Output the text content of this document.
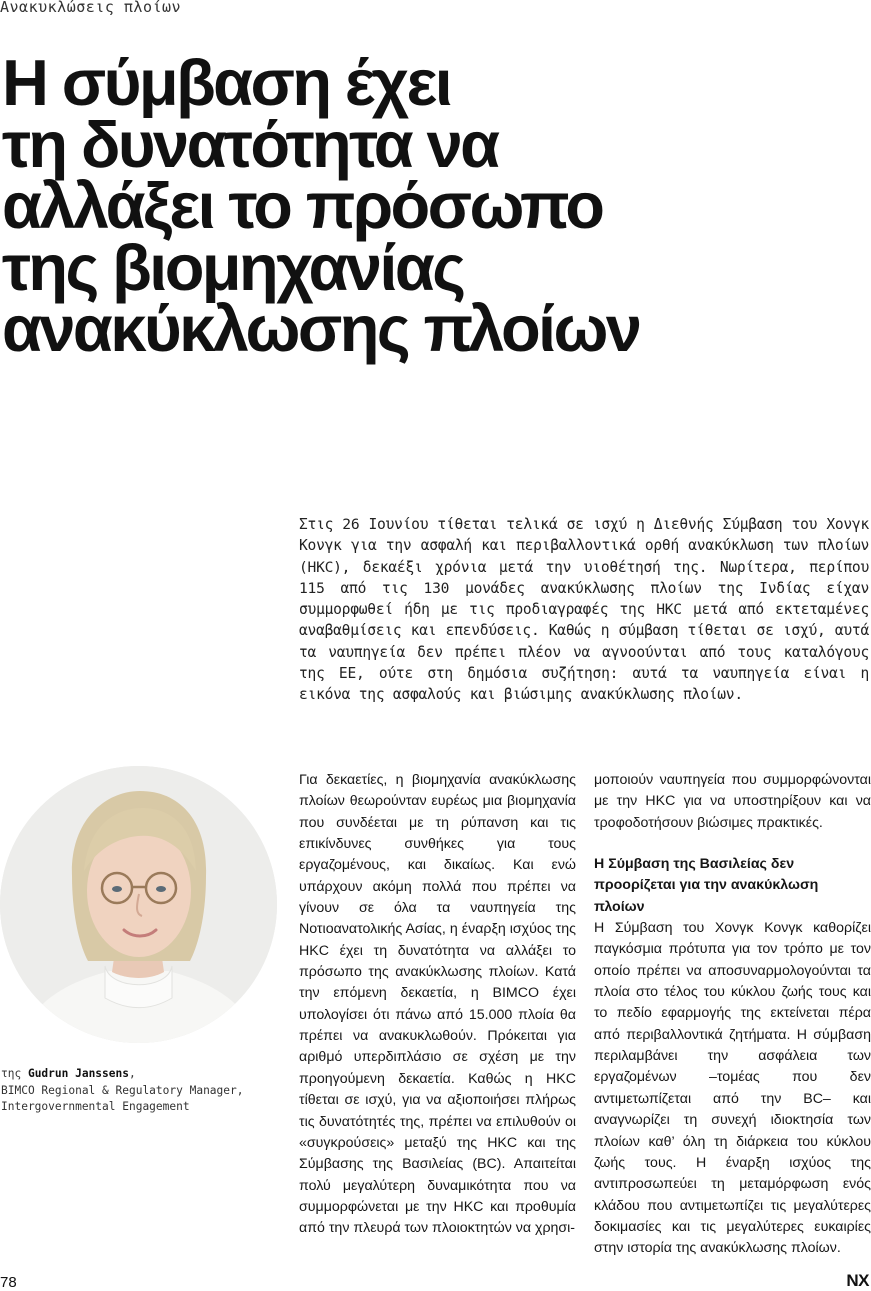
Ανακυκλώσεις πλοίων
Η σύμβαση έχει
τη δυνατότητα να
αλλάξει το πρόσωπο
της βιομηχανίας
ανακύκλωσης πλοίων

Στις 26 Ιουνίου τίθεται τελικά σε ισχύ η Διεθνής Σύμβαση του Χονγκ Κονγκ για την ασφαλή και περιβαλλοντικά ορθή ανακύκλωση των πλοίων (HKC), δεκαέξι χρόνια μετά την υιοθέτησή της. Νωρίτερα, περίπου 115 από τις 130 μονάδες ανακύκλωσης πλοίων της Ινδίας είχαν συμμορφωθεί ήδη με τις προδιαγραφές της HKC μετά από εκτεταμένες αναβαθμίσεις και επενδύσεις. Καθώς η σύμβαση τίθεται σε ισχύ, αυτά τα ναυπηγεία δεν πρέπει πλέον να αγνοούνται από τους καταλόγους της ΕΕ, ούτε στη δημόσια συζήτηση: αυτά τα ναυπηγεία είναι η εικόνα της ασφαλούς και βιώσιμης ανακύκλωσης πλοίων.

της Gudrun Janssens,
BIMCO Regional & Regulatory Manager,
Intergovernmental Engagement

Για δεκαετίες, η βιομηχανία ανακύκλωσης πλοίων θεωρούνταν ευρέως μια βιομηχανία που συνδέεται με τη ρύπανση και τις επικίνδυνες συνθήκες για τους εργαζομένους, και δικαίως. Και ενώ υπάρχουν ακόμη πολλά που πρέπει να γίνουν σε όλα τα ναυπηγεία της Νοτιοανατολικής Ασίας, η έναρξη ισχύος της HKC έχει τη δυνατότητα να αλλάξει το πρόσωπο της ανακύκλωσης πλοίων. Κατά την επόμενη δεκαετία, η BIMCO έχει υπολογίσει ότι πάνω από 15.000 πλοία θα πρέπει να ανακυκλωθούν. Πρόκειται για αριθμό υπερδιπλάσιο σε σχέση με την προηγούμενη δεκαετία. Καθώς η HKC τίθεται σε ισχύ, για να αξιοποιήσει πλήρως τις δυνατότητές της, πρέπει να επιλυθούν οι «συγκρούσεις» μεταξύ της HKC και της Σύμβασης της Βασιλείας (BC). Απαιτείται πολύ μεγαλύτερη δυναμικότητα που να συμμορφώνεται με την HKC και προθυμία από την πλευρά των πλοιοκτητών να χρησι-

μοποιούν ναυπηγεία που συμμορφώνονται με την HKC για να υποστηρίξουν και να τροφοδοτήσουν βιώσιμες πρακτικές.

Η Σύμβαση της Βασιλείας δεν προορίζεται για την ανακύκλωση πλοίων

Η Σύμβαση του Χονγκ Κονγκ καθορίζει παγκόσμια πρότυπα για τον τρόπο με τον οποίο πρέπει να αποσυναρμολογούνται τα πλοία στο τέλος του κύκλου ζωής τους και το πεδίο εφαρμογής της εκτείνεται πέρα από περιβαλλοντικά ζητήματα. Η σύμβαση περιλαμβάνει την ασφάλεια των εργαζομένων –τομέας που δεν αντιμετωπίζεται από την BC– και αναγνωρίζει τη συνεχή ιδιοκτησία των πλοίων καθ’ όλη τη διάρκεια του κύκλου ζωής τους. Η έναρξη ισχύος της αντιπροσωπεύει τη μεταμόρφωση ενός κλάδου που αντιμετωπίζει τις μεγαλύτερες δοκιμασίες και τις μεγαλύτερες ευκαιρίες στην ιστορία της ανακύκλωσης πλοίων.

78	NX
